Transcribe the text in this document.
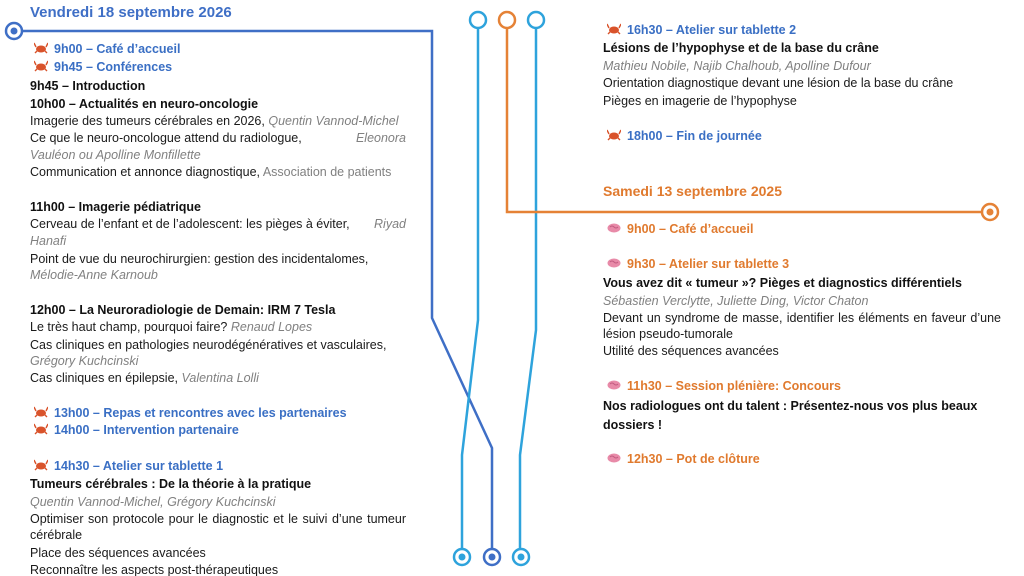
Vendredi 18 septembre 2026
9h00 – Café d’accueil
9h45 – Conférences
9h45 – Introduction
10h00 – Actualités en neuro-oncologie
Imagerie des tumeurs cérébrales en 2026, Quentin Vannod-Michel
Ce que le neuro-oncologue attend du radiologue,	Eleonora
Vauléon ou Apolline Monfillette
Communication et annonce diagnostique, Association de patients
11h00 – Imagerie pédiatrique
Cerveau de l’enfant et de l’adolescent: les pièges à éviter, Riyad
Hanafi
Point de vue du neurochirurgien: gestion des incidentalomes,
Mélodie-Anne Karnoub
12h00 – La Neuroradiologie de Demain: IRM 7 Tesla
Le très haut champ, pourquoi faire? Renaud Lopes
Cas cliniques en pathologies neurodégénératives et vasculaires,
Grégory Kuchcinski
Cas cliniques en épilepsie, Valentina Lolli
13h00 – Repas et rencontres avec les partenaires
14h00 – Intervention partenaire
14h30 – Atelier sur tablette 1
Tumeurs cérébrales : De la théorie à la pratique
Quentin Vannod-Michel, Grégory Kuchcinski
Optimiser son protocole pour le diagnostic et le suivi d’une tumeur cérébrale
Place des séquences avancées
Reconnaître les aspects post-thérapeutiques
16h30 – Atelier sur tablette 2
Lésions de l’hypophyse et de la base du crâne
Mathieu Nobile, Najib Chalhoub, Apolline Dufour
Orientation diagnostique devant une lésion de la base du crâne
Pièges en imagerie de l’hypophyse
18h00 – Fin de journée
Samedi 13 septembre 2025
9h00 – Café d’accueil
9h30 – Atelier sur tablette 3
Vous avez dit « tumeur »? Pièges et diagnostics différentiels
Sébastien Verclytte, Juliette Ding, Victor Chaton
Devant un syndrome de masse, identifier les éléments en faveur d’une lésion pseudo-tumorale
Utilité des séquences avancées
11h30 – Session plénière: Concours
Nos radiologues ont du talent : Présentez-nous vos plus beaux dossiers !
12h30 – Pot de clôture
